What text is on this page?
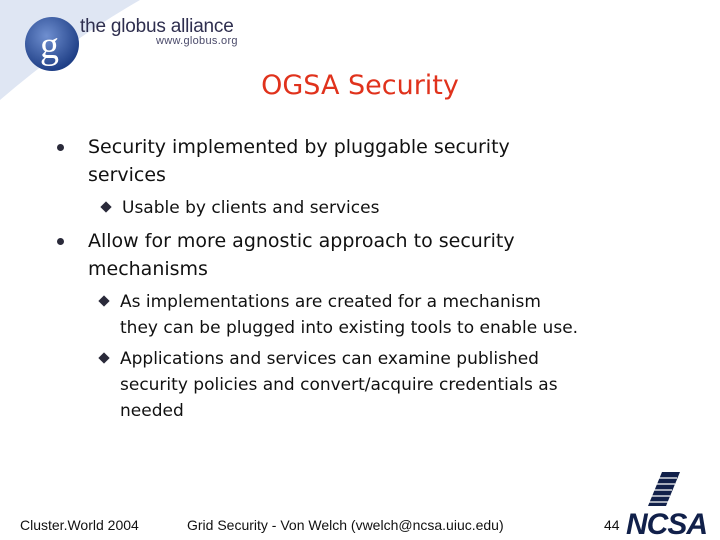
g the globus alliance
www.globus.org
OGSA Security
Security implemented by pluggable security
services
Usable by clients and services
Allow for more agnostic approach to security
mechanisms
As implementations are created for a mechanism
they can be plugged into existing tools to enable use.
Applications and services can examine published
security policies and convert/acquire credentials as
needed
Cluster.World 2004	Grid Security - Von Welch (vwelch@ncsa.uiuc.edu)	44 NCSA
